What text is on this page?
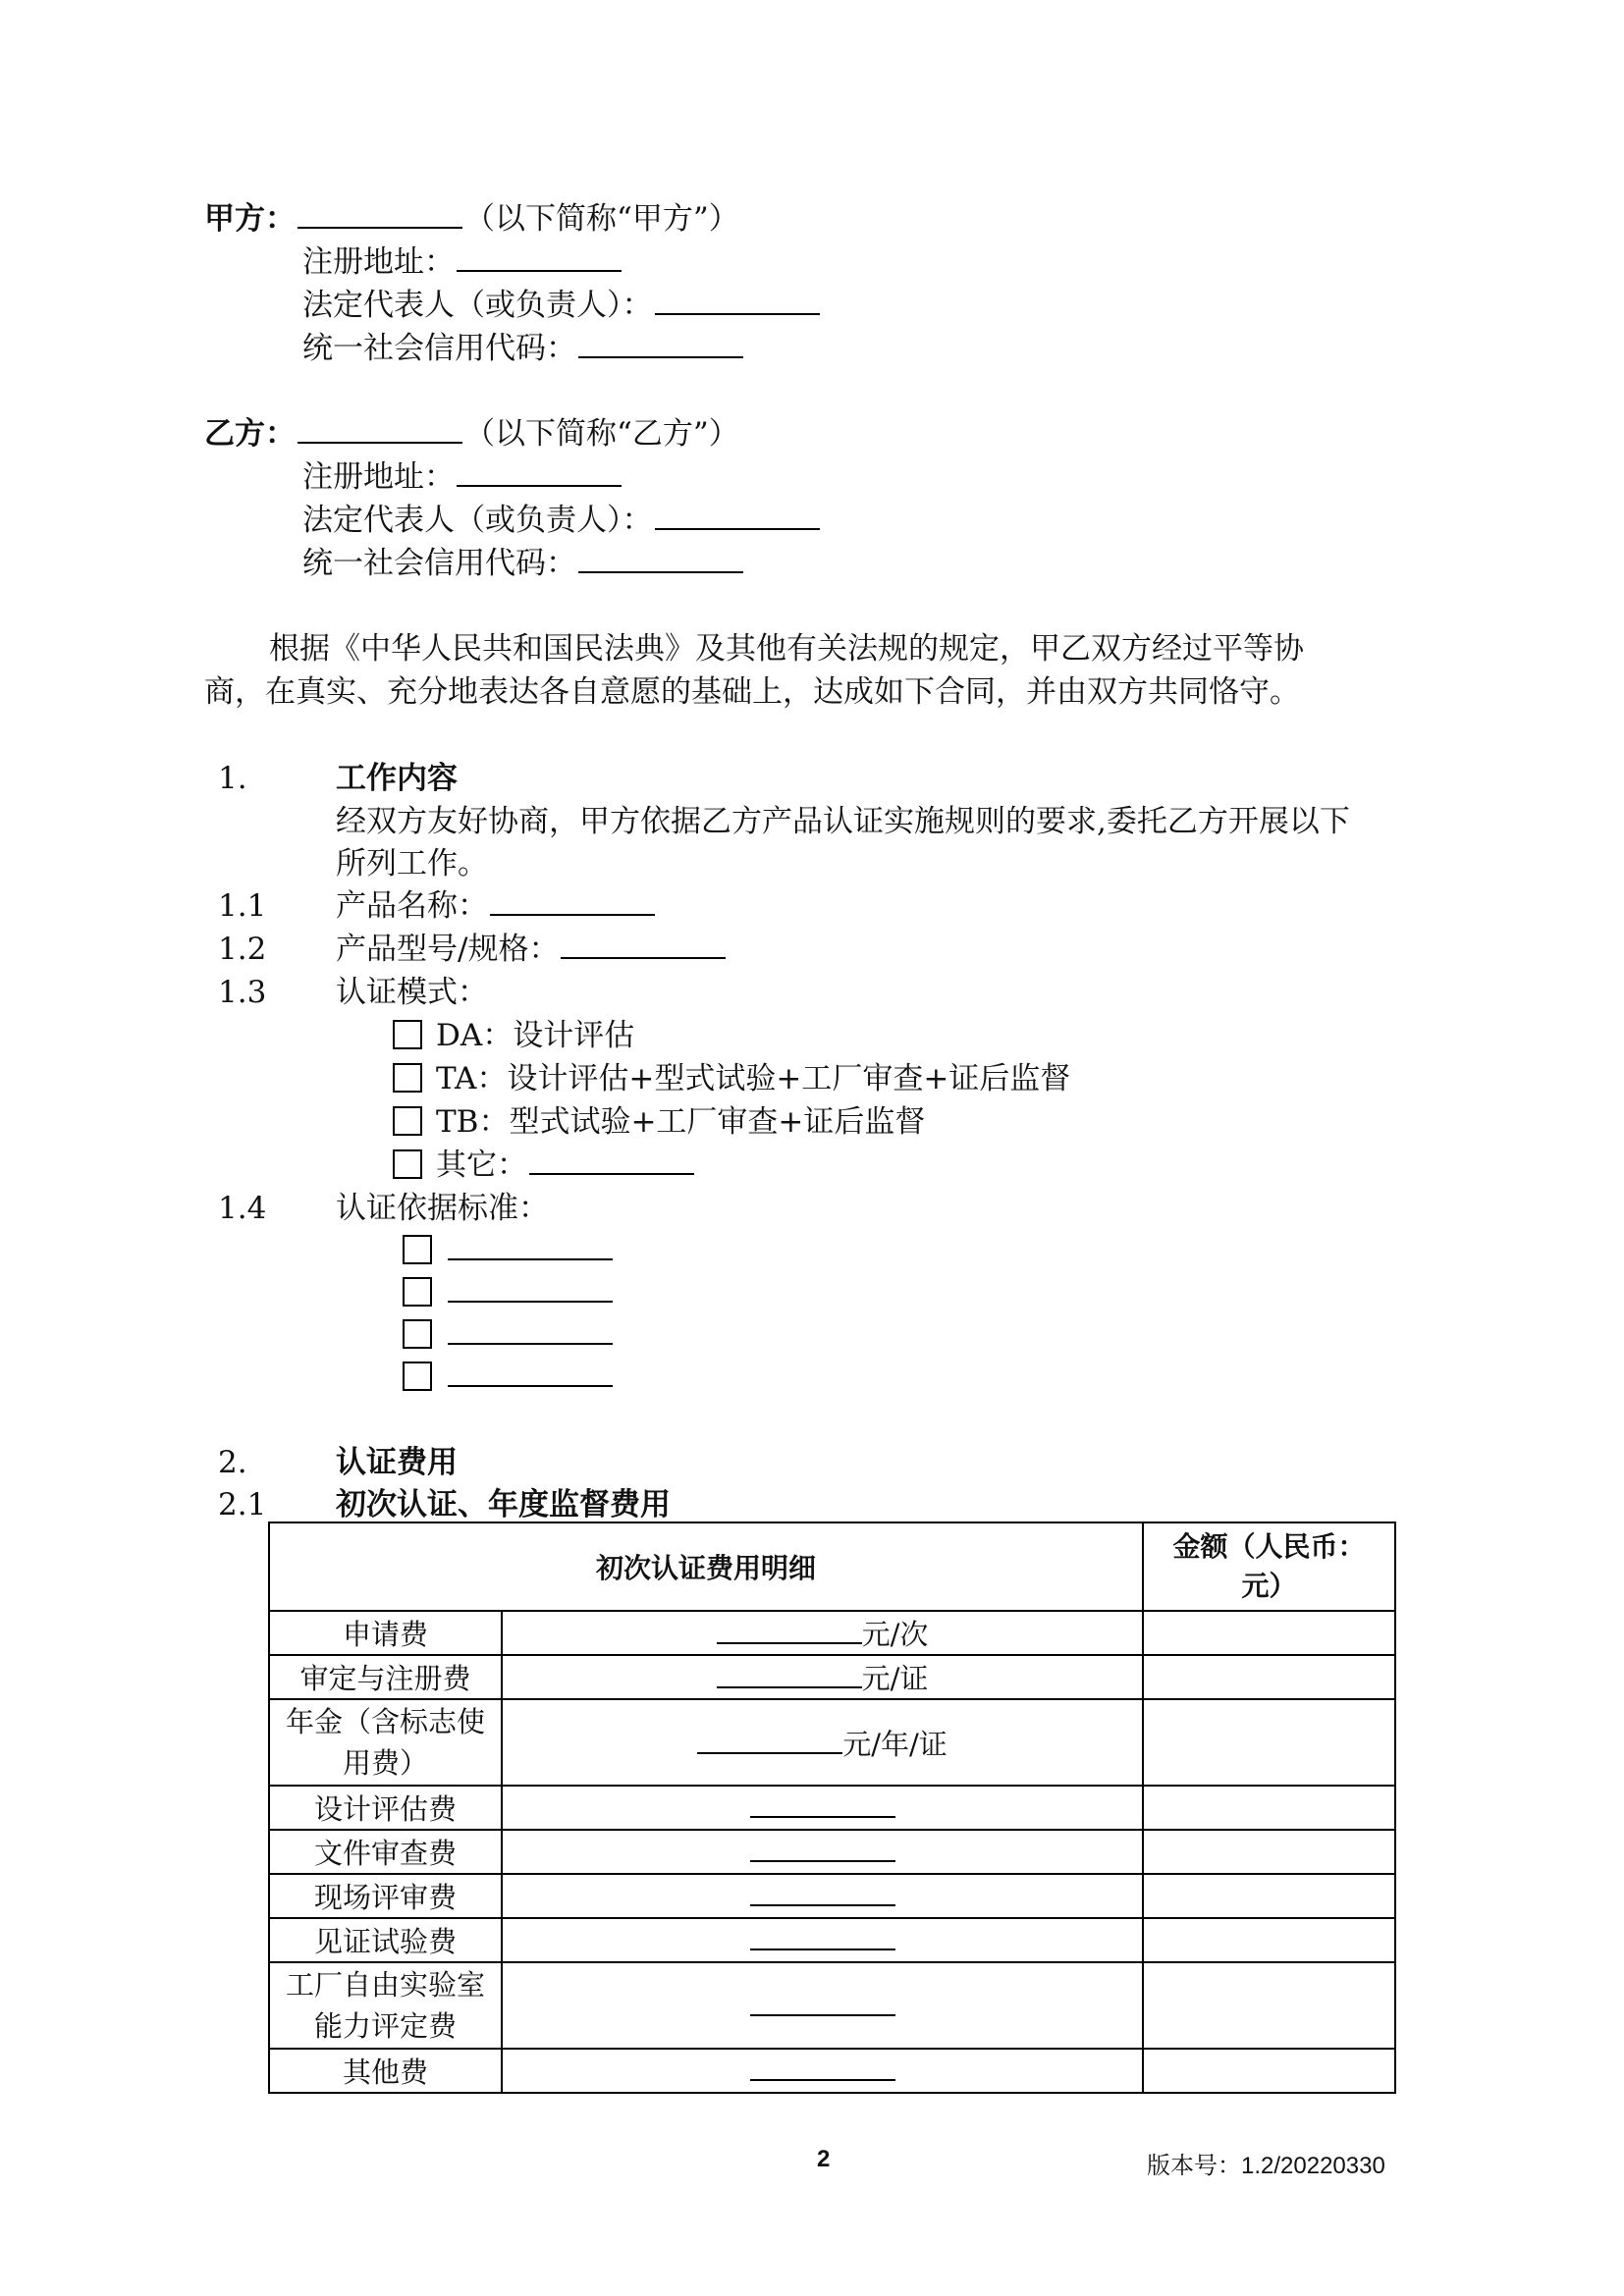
甲方：	（以下简称“甲方”）
注册地址：
法定代表人（或负责人）：
统一社会信用代码：
乙方：	（以下简称“乙方”）
注册地址：
法定代表人（或负责人）：
统一社会信用代码：
根据《中华人民共和国民法典》及其他有关法规的规定，甲乙双方经过平等协
商，在真实、充分地表达各自意愿的基础上，达成如下合同，并由双方共同恪守。
1.	工作内容
经双方友好协商，甲方依据乙方产品认证实施规则的要求,委托乙方开展以下
所列工作。
1.1 产品名称：
1.2 产品型号/规格：
1.3 认证模式：
DA：设计评估
TA：设计评估+型式试验+工厂审查+证后监督
TB：型式试验+工厂审查+证后监督
其它：
1.4 认证依据标准：
2.	认证费用
2.1 初次认证、年度监督费用
初次认证费用明细		金额（人民币：
元）
申请费	元/次	
审定与注册费	元/证	
年金（含标志使
用费）	元/年/证	
设计评估费		
文件审查费		
现场评审费		
见证试验费		
工厂自由实验室
能力评定费		
其他费		
2	版本号：1.2/20220330
